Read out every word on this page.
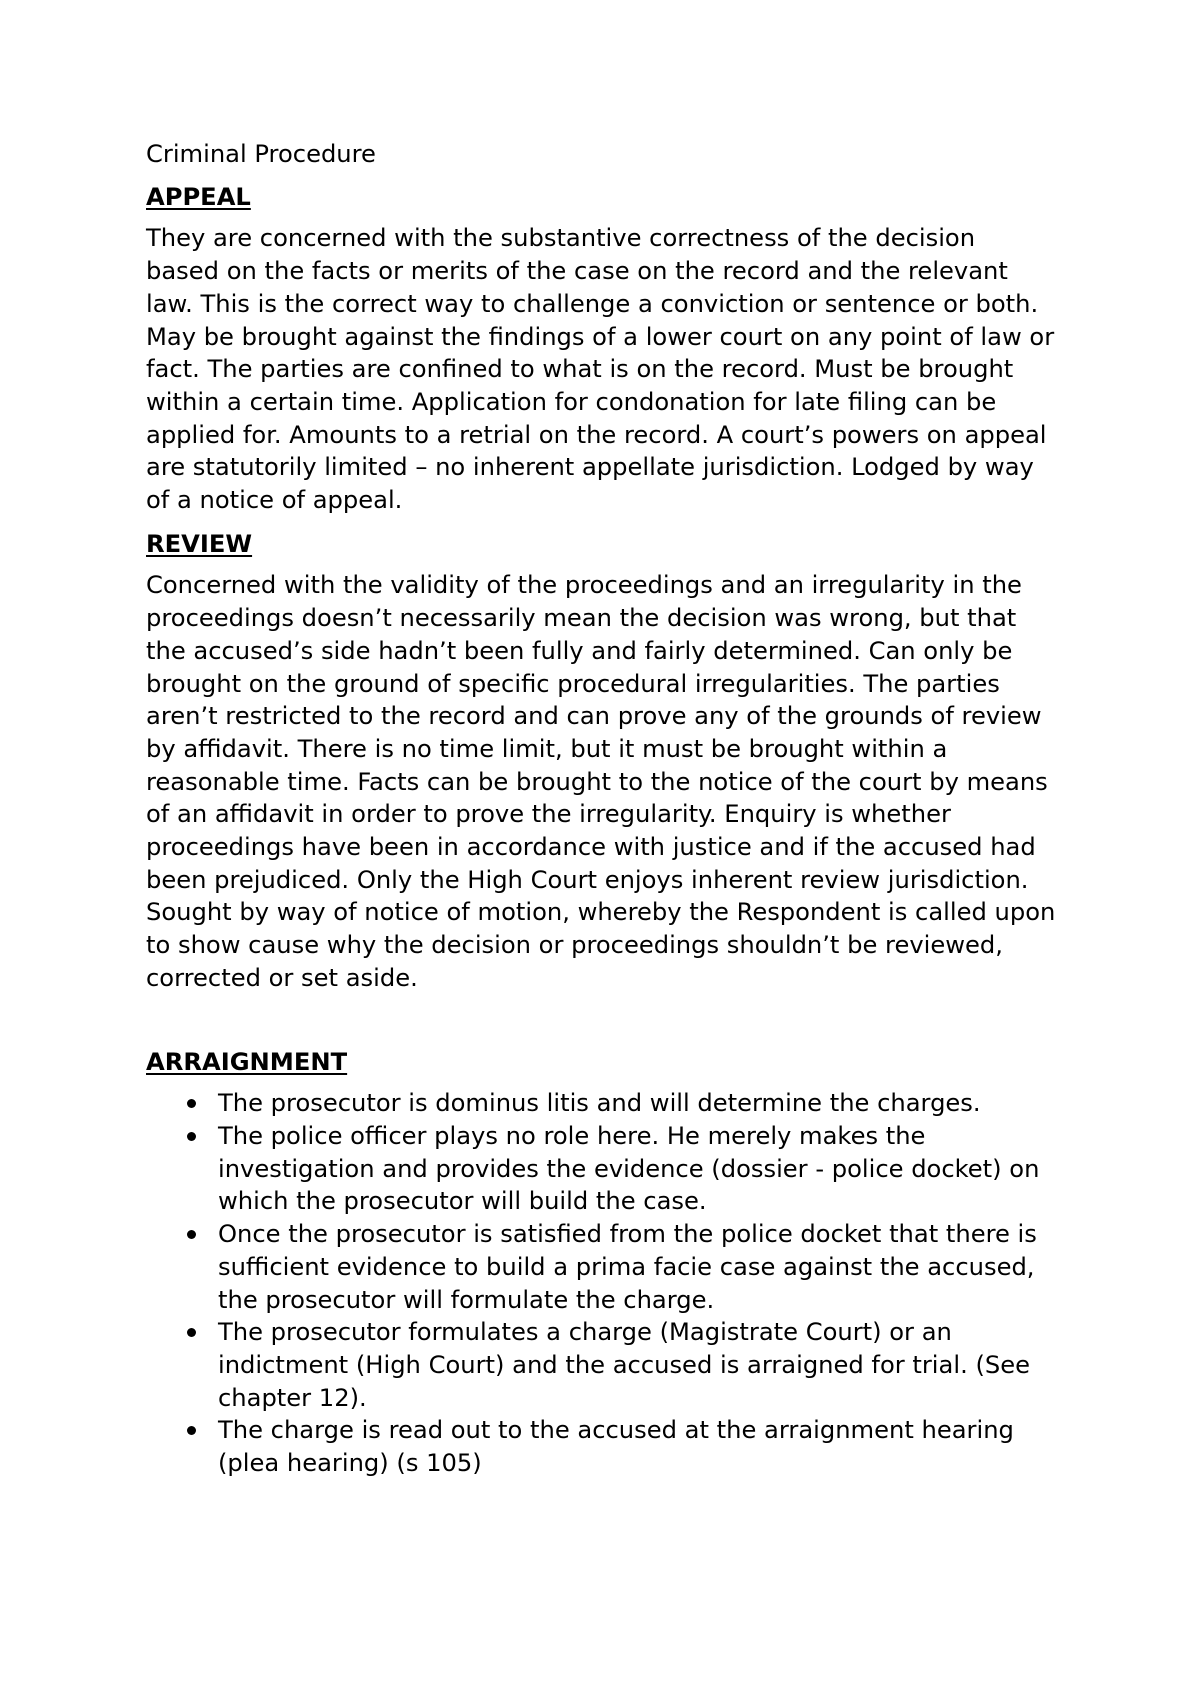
Criminal Procedure
APPEAL
They are concerned with the substantive correctness of the decision
based on the facts or merits of the case on the record and the relevant
law. This is the correct way to challenge a conviction or sentence or both.
May be brought against the findings of a lower court on any point of law or
fact. The parties are confined to what is on the record. Must be brought
within a certain time. Application for condonation for late filing can be
applied for. Amounts to a retrial on the record. A court’s powers on appeal
are statutorily limited – no inherent appellate jurisdiction. Lodged by way
of a notice of appeal.
REVIEW
Concerned with the validity of the proceedings and an irregularity in the
proceedings doesn’t necessarily mean the decision was wrong, but that
the accused’s side hadn’t been fully and fairly determined. Can only be
brought on the ground of specific procedural irregularities. The parties
aren’t restricted to the record and can prove any of the grounds of review
by affidavit. There is no time limit, but it must be brought within a
reasonable time. Facts can be brought to the notice of the court by means
of an affidavit in order to prove the irregularity. Enquiry is whether
proceedings have been in accordance with justice and if the accused had
been prejudiced. Only the High Court enjoys inherent review jurisdiction.
Sought by way of notice of motion, whereby the Respondent is called upon
to show cause why the decision or proceedings shouldn’t be reviewed,
corrected or set aside.
ARRAIGNMENT
The prosecutor is dominus litis and will determine the charges.
The police officer plays no role here. He merely makes the
investigation and provides the evidence (dossier - police docket) on
which the prosecutor will build the case.
Once the prosecutor is satisfied from the police docket that there is
sufficient evidence to build a prima facie case against the accused,
the prosecutor will formulate the charge.
The prosecutor formulates a charge (Magistrate Court) or an
indictment (High Court) and the accused is arraigned for trial. (See
chapter 12).
The charge is read out to the accused at the arraignment hearing
(plea hearing) (s 105)
